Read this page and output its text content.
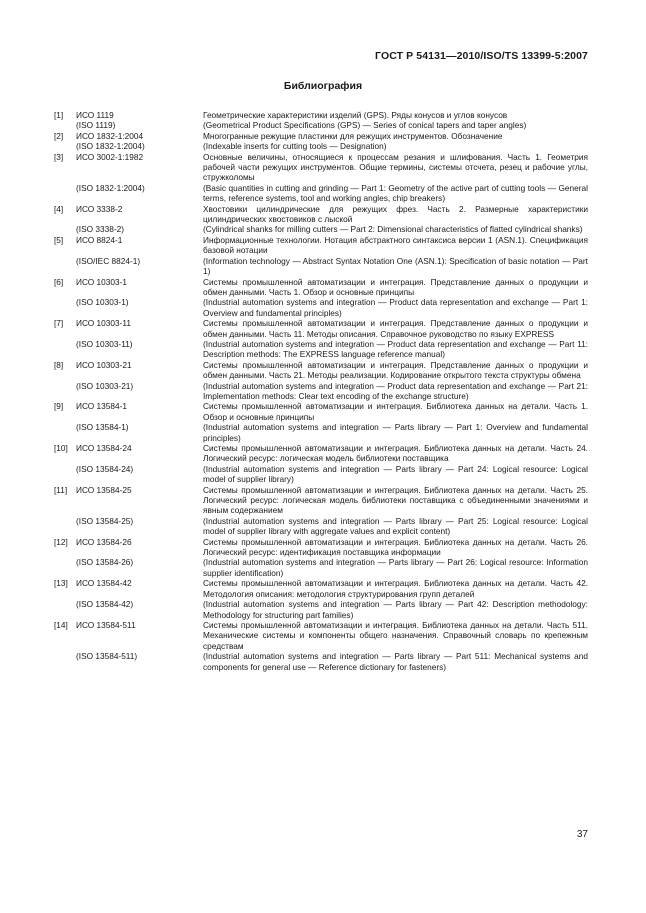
ГОСТ Р 54131—2010/ISO/TS 13399-5:2007
Библиография
[1]	ИСО 1119	Геометрические характеристики изделий (GPS). Ряды конусов и углов конусов
(ISO 1119)	(Geometrical Product Specifications (GPS) — Series of conical tapers and taper angles)
[2]	ИСО 1832-1:2004	Многогранные режущие пластинки для режущих инструментов. Обозначение
(ISO 1832-1:2004)	(Indexable inserts for cutting tools — Designation)
[3]	ИСО 3002-1:1982	Основные величины, относящиеся к процессам резания и шлифования. Часть 1. Геометрия рабочей части режущих инструментов. Общие термины, системы отсчета, резец и рабочие углы, стружколомы
(ISO 1832-1:2004)	(Basic quantities in cutting and grinding — Part 1: Geometry of the active part of cutting tools — General terms, reference systems, tool and working angles, chip breakers)
[4]	ИСО 3338-2	Хвостовики цилиндрические для режущих фрез. Часть 2. Размерные характеристики цилиндрических хвостовиков с лыской
(ISO 3338-2)	(Cylindrical shanks for milling cutters — Part 2: Dimensional characteristics of flatted cylindrical shanks)
[5]	ИСО 8824-1	Информационные технологии. Нотация абстрактного синтаксиса версии 1 (ASN.1). Спецификация базовой нотации
(ISO/IEC 8824-1)	(Information technology — Abstract Syntax Notation One (ASN.1): Specification of basic notation — Part 1)
[6]	ИСО 10303-1	Системы промышленной автоматизации и интеграция. Представление данных о продукции и обмен данными. Часть 1. Обзор и основные принципы
(ISO 10303-1)	(Industrial automation systems and integration — Product data representation and exchange — Part 1: Overview and fundamental principles)
[7]	ИСО 10303-11	Системы промышленной автоматизации и интеграция. Представление данных о продукции и обмен данными. Часть 11. Методы описания. Справочное руководство по языку EXPRESS
(ISO 10303-11)	(Industrial automation systems and integration — Product data representation and exchange — Part 11: Description methods: The EXPRESS language reference manual)
[8]	ИСО 10303-21	Системы промышленной автоматизации и интеграция. Представление данных о продукции и обмен данными. Часть 21. Методы реализации. Кодирование открытого текста структуры обмена
(ISO 10303-21)	(Industrial automation systems and integration — Product data representation and exchange — Part 21: Implementation methods: Clear text encoding of the exchange structure)
[9]	ИСО 13584-1	Системы промышленной автоматизации и интеграция. Библиотека данных на детали. Часть 1. Обзор и основные принципы
(ISO 13584-1)	(Industrial automation systems and integration — Parts library — Part 1: Overview and fundamental principles)
[10] ИСО 13584-24	Системы промышленной автоматизации и интеграция. Библиотека данных на детали. Часть 24. Логический ресурс: логическая модель библиотеки поставщика
(ISO 13584-24)	(Industrial automation systems and integration — Parts library — Part 24: Logical resource: Logical model of supplier library)
[11]	ИСО 13584-25	Системы промышленной автоматизации и интеграция. Библиотека данных на детали. Часть 25. Логический ресурс: логическая модель библиотеки поставщика с объединенными значениями и явным содержанием
(ISO 13584-25)	(Industrial automation systems and integration — Parts library — Part 25: Logical resource: Logical model of supplier library with aggregate values and explicit content)
[12] ИСО 13584-26	Системы промышленной автоматизации и интеграция. Библиотека данных на детали. Часть 26. Логический ресурс: идентификация поставщика информации
(ISO 13584-26)	(Industrial automation systems and integration — Parts library — Part 26: Logical resource: Information supplier identification)
[13] ИСО 13584-42	Системы промышленной автоматизации и интеграция. Библиотека данных на детали. Часть 42. Методология описания: методология структурирования групп деталей
(ISO 13584-42)	(Industrial automation systems and integration — Parts library — Part 42: Description methodology: Methodology for structuring part families)
[14] ИСО 13584-511	Системы промышленной автоматизации и интеграция. Библиотека данных на детали. Часть 511. Механические системы и компоненты общего назначения. Справочный словарь по крепежным средствам
(ISO 13584-511)	(Industrial automation systems and integration — Parts library — Part 511: Mechanical systems and components for general use — Reference dictionary for fasteners)
37
